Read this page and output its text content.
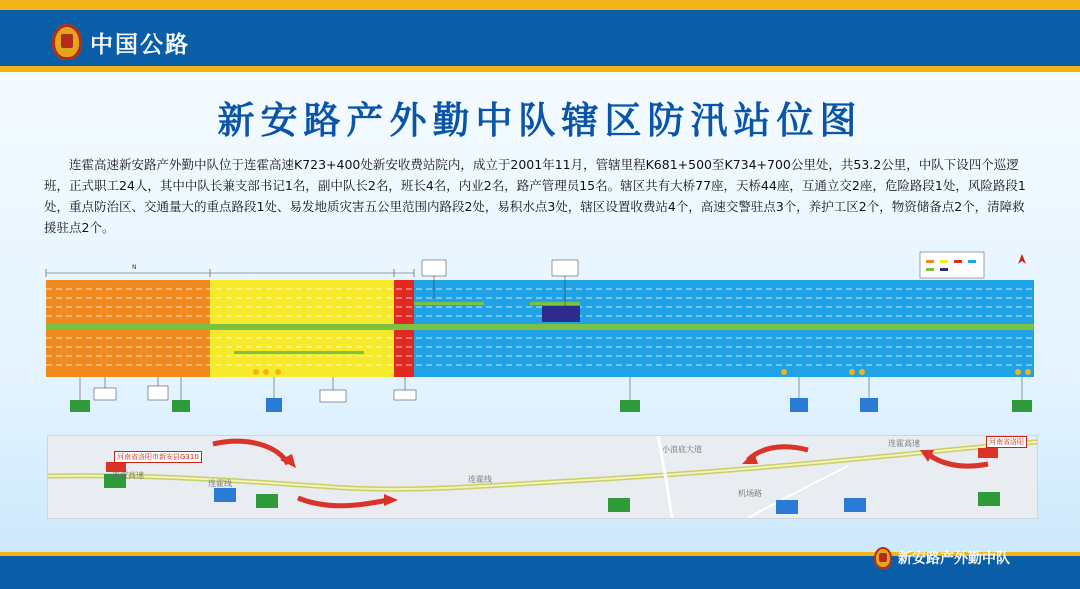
中国公路
新安路产外勤中队辖区防汛站位图
连霍高速新安路产外勤中队位于连霍高速K723+400处新安收费站院内，成立于2001年11月，管辖里程K681+500至K734+700公里处，共53.2公里，中队下设四个巡逻班，正式职工24人，其中中队长兼支部书记1名，副中队长2名，班长4名，内业2名，路产管理员15名。辖区共有大桥77座，天桥44座，互通立交2座，危险路段1处，风险路段1处，重点防治区、交通量大的重点路段1处、易发地质灾害五公里范围内路段2处，易积水点3处，辖区设置收费站4个，高速交警驻点3个，养护工区2个，物资储备点2个，清障救援驻点2个。
N
河南省洛阳市新安县G310
河南省洛阳
连霍高速
连霍高速
连霍线	连霍线
小浪底大道
机场路
新安路产外勤中队
